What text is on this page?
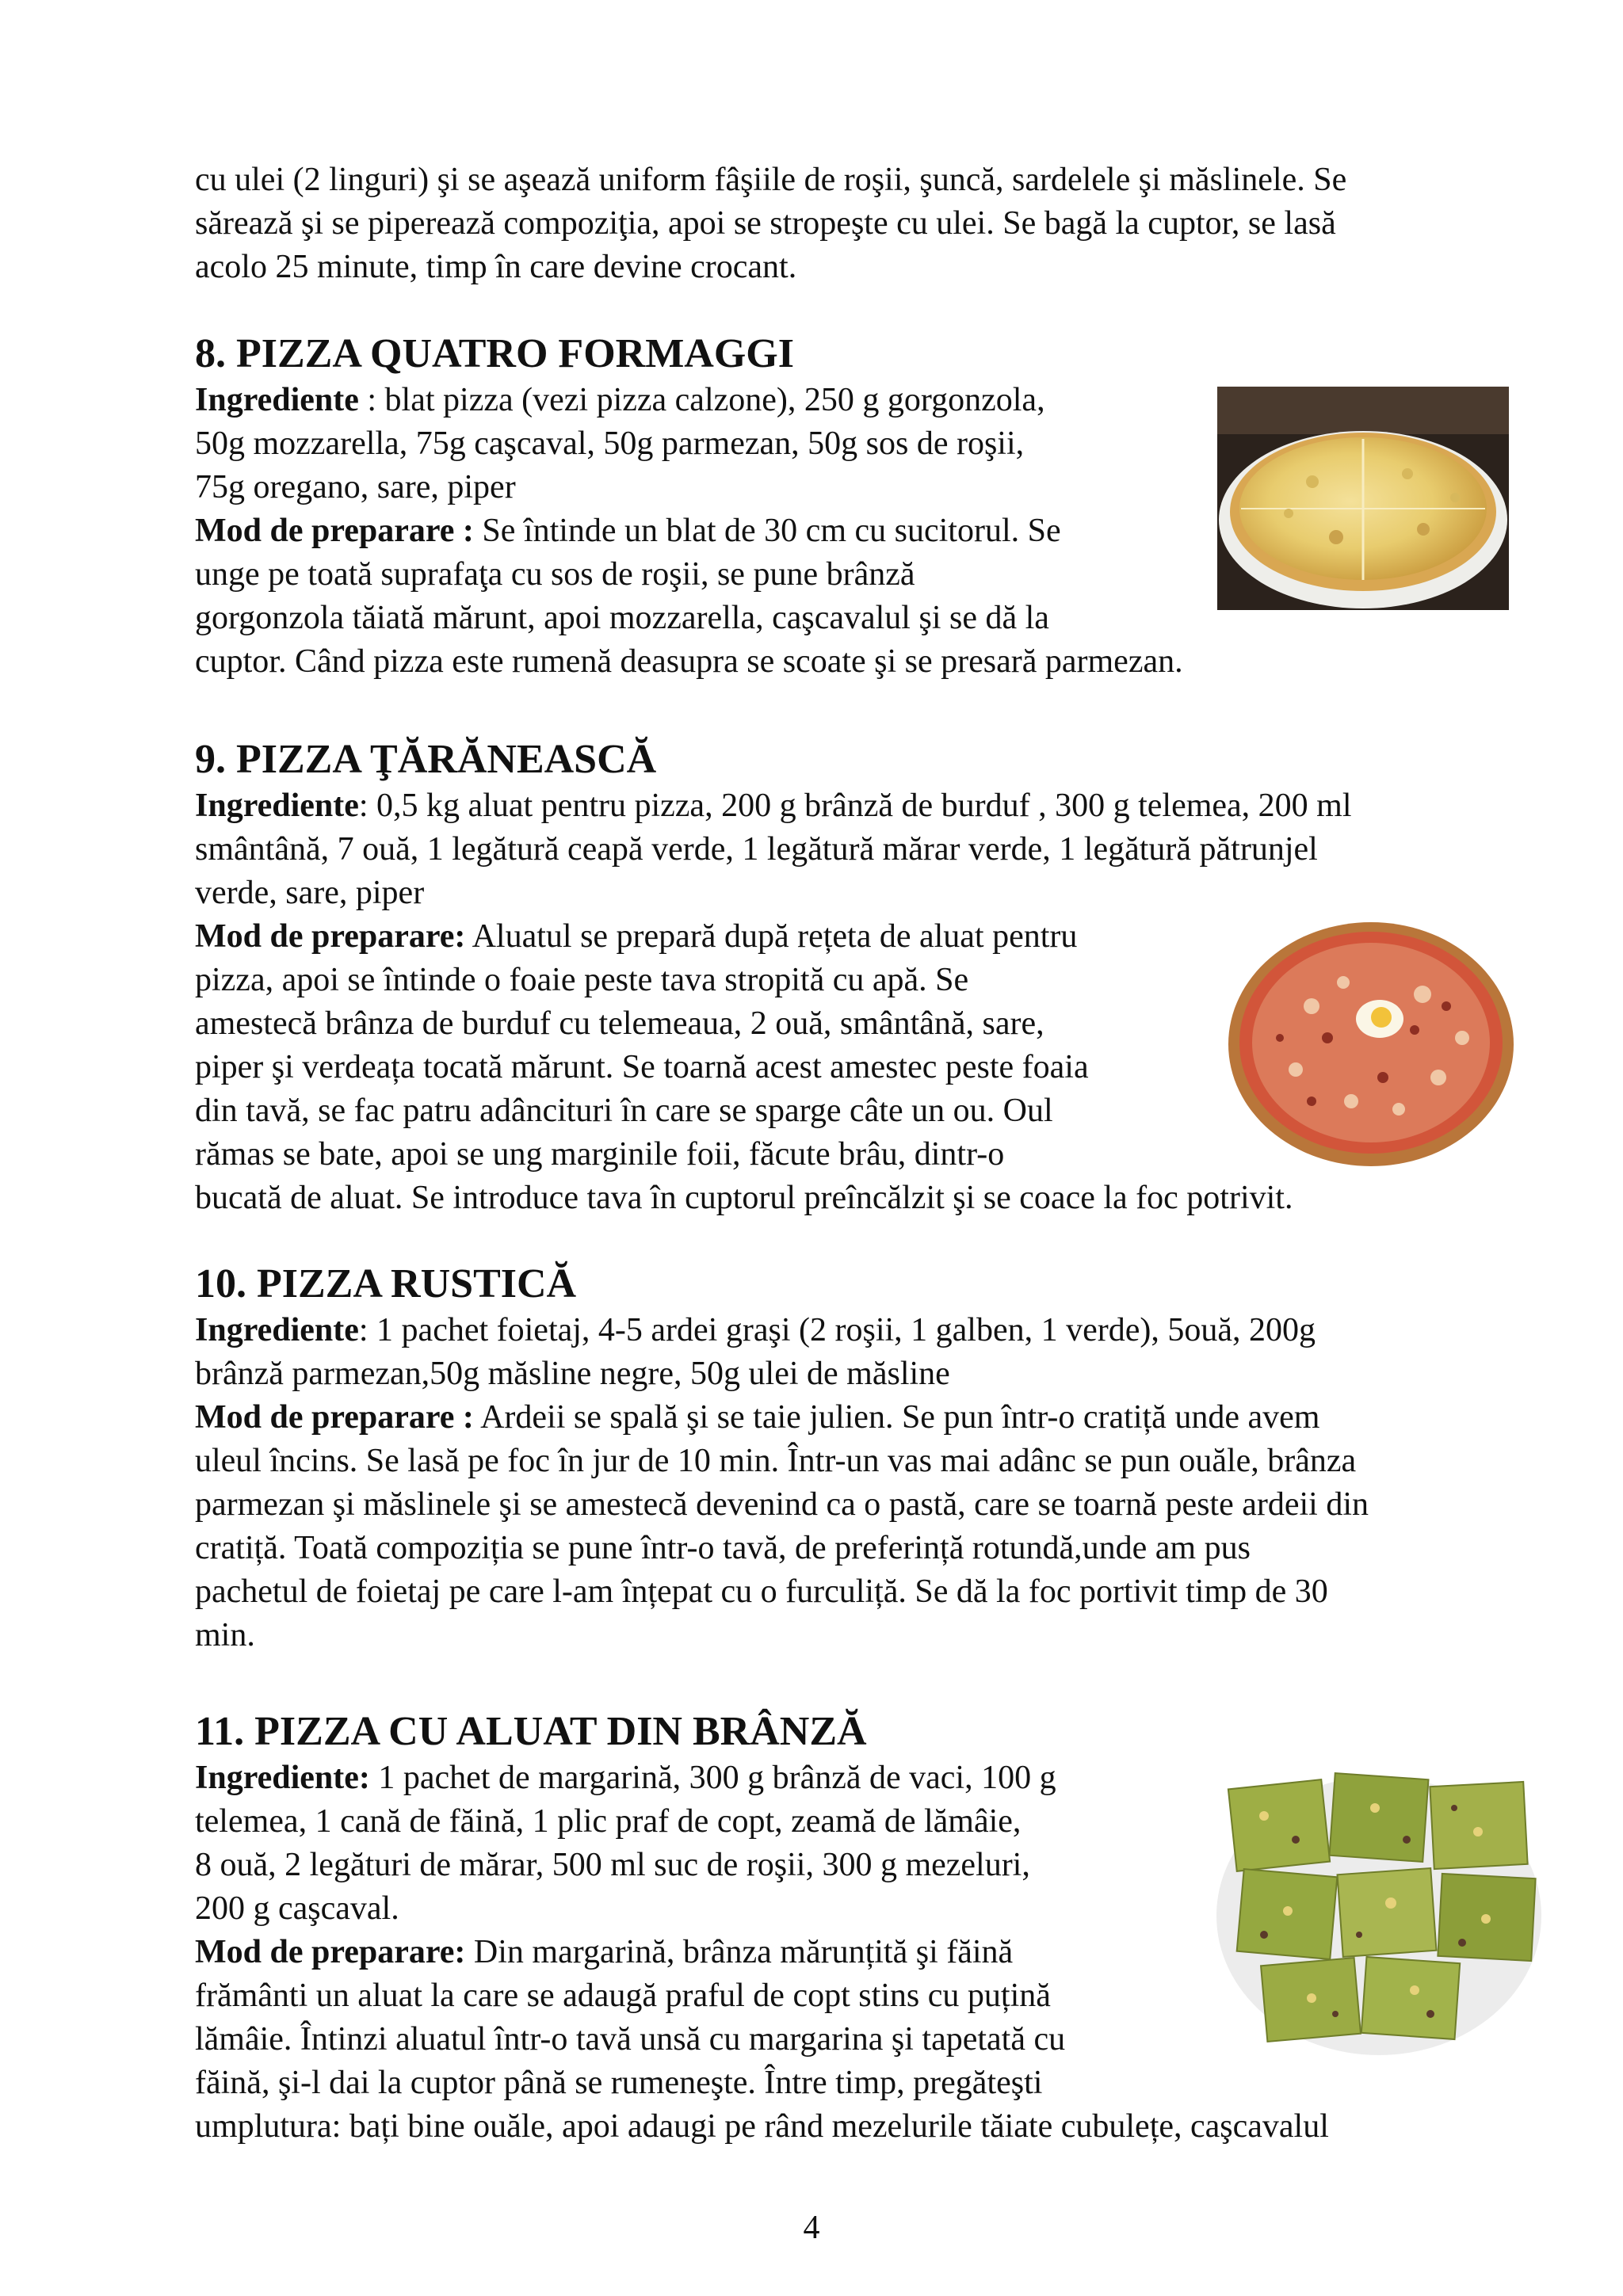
cu ulei (2 linguri) şi se aşează uniform fâşiile de roşii, şuncă, sardelele şi măslinele. Se
sărează şi se piperează compoziţia, apoi se stropeşte cu ulei. Se bagă la cuptor, se lasă
acolo 25 minute, timp în care devine crocant.

8. PIZZA QUATRO FORMAGGI

Ingrediente : blat pizza (vezi pizza calzone), 250 g gorgonzola,
50g mozzarella, 75g caşcaval, 50g parmezan, 50g sos de roşii,
75g oregano, sare, piper
Mod de preparare : Se întinde un blat de 30 cm cu sucitorul. Se
unge pe toată suprafaţa cu sos de roşii, se pune brânză
gorgonzola tăiată mărunt, apoi mozzarella, caşcavalul şi se dă la
cuptor. Când pizza este rumenă deasupra se scoate şi se presară parmezan.

9. PIZZA ŢĂRĂNEASCĂ

Ingrediente: 0,5 kg aluat pentru pizza, 200 g brânză de burduf , 300 g telemea, 200 ml
smântână, 7 ouă, 1 legătură ceapă verde, 1 legătură mărar verde, 1 legătură pătrunjel
verde, sare, piper
Mod de preparare: Aluatul se prepară după rețeta de aluat pentru
pizza, apoi se întinde o foaie peste tava stropită cu apă. Se
amestecă brânza de burduf cu telemeaua, 2 ouă, smântână, sare,
piper şi verdeața tocată mărunt. Se toarnă acest amestec peste foaia
din tavă, se fac patru adâncituri în care se sparge câte un ou. Oul
rămas se bate, apoi se ung marginile foii, făcute brâu, dintr-o
bucată de aluat. Se introduce tava în cuptorul preîncălzit şi se coace la foc potrivit.

10. PIZZA RUSTICĂ

Ingrediente: 1 pachet foietaj, 4-5 ardei graşi (2 roşii, 1 galben, 1 verde), 5ouă, 200g
brânză parmezan,50g măsline negre, 50g ulei de măsline
Mod de preparare : Ardeii se spală şi se taie julien. Se pun într-o cratiță unde avem
uleul încins. Se lasă pe foc în jur de 10 min. Într-un vas mai adânc se pun ouăle, brânza
parmezan şi măslinele şi se amestecă devenind ca o pastă, care se toarnă peste ardeii din
cratiță. Toată compoziția se pune într-o tavă, de preferință rotundă,unde am pus
pachetul de foietaj pe care l-am înțepat cu o furculiță. Se dă la foc portivit timp de 30
min.

11. PIZZA CU ALUAT DIN BRÂNZĂ

Ingrediente: 1 pachet de margarină, 300 g brânză de vaci, 100 g
telemea, 1 cană de făină, 1 plic praf de copt, zeamă de lămâie,
8 ouă, 2 legături de mărar, 500 ml suc de roşii, 300 g mezeluri,
200 g caşcaval.
Mod de preparare: Din margarină, brânza mărunțită şi făină
frământi un aluat la care se adaugă praful de copt stins cu puțină
lămâie. Întinzi aluatul într-o tavă unsă cu margarina şi tapetată cu
făină, şi-l dai la cuptor până se rumeneşte. Între timp, pregăteşti
umplutura: bați bine ouăle, apoi adaugi pe rând mezelurile tăiate cubulețe, caşcavalul

4
